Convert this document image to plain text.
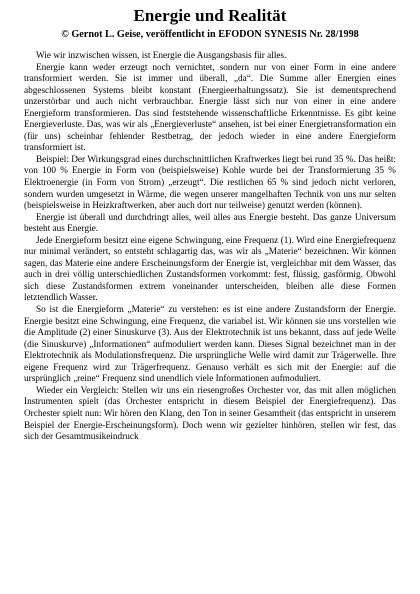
Energie und Realität
© Gernot L. Geise, veröffentlicht in EFODON SYNESIS Nr. 28/1998

Wie wir inzwischen wissen, ist Energie die Ausgangsbasis für alles.

Energie kann weder erzeugt noch vernichtet, sondern nur von einer Form in eine andere transformiert werden. Sie ist immer und überall, „da“. Die Summe aller Energien eines abgeschlossenen Systems bleibt konstant (Energieerhaltungssatz). Sie ist dementsprechend unzerstörbar und auch nicht verbrauchbar. Energie lässt sich nur von einer in eine andere Energieform transformieren. Das sind feststehende wissenschaftliche Erkenntnisse. Es gibt keine Energieverluste. Das, was wir als „Energieverluste“ ansehen, ist bei einer Energietransformation ein (für uns) scheinbar fehlender Restbetrag, der jedoch wieder in eine andere Energieform transformiert ist.

Beispiel: Der Wirkungsgrad eines durchschnittlichen Kraftwerkes liegt bei rund 35 %. Das heißt: von 100 % Energie in Form von (beispielsweise) Kohle wurde bei der Transformierung 35 % Elektroenergie (in Form von Strom) „erzeugt“. Die restlichen 65 % sind jedoch nicht verloren, sondern wurden umgesetzt in Wärme, die wegen unserer mangelhaften Technik von uns nur selten (beispielsweise in Heizkraftwerken, aber auch dort nur teilweise) genutzt werden (können).

Energie ist überall und durchdringt alles, weil alles aus Energie besteht. Das ganze Universum besteht aus Energie.

Jede Energieform besitzt eine eigene Schwingung, eine Frequenz (1). Wird eine Energiefrequenz nur minimal verändert, so entsteht schlagartig das, was wir als „Materie“ bezeichnen. Wir können sagen, das Materie eine andere Erscheinungsform der Energie ist, vergleichbar mit dem Wasser, das auch in drei völlig unterschiedlichen Zustandsformen vorkommt: fest, flüssig, gasförmig. Obwohl sich diese Zustandsformen extrem voneinander unterscheiden, bleiben alle diese Formen letztendlich Wasser.

So ist die Energieform „Materie“ zu verstehen: es ist eine andere Zustandsform der Energie. Energie besitzt eine Schwingung, eine Frequenz, die variabel ist. Wir können sie uns vorstellen wie die Amplitude (2) einer Sinuskurve (3). Aus der Elektrotechnik ist uns bekannt, dass auf jede Welle (die Sinuskurve) „Informationen“ aufmoduliert werden kann. Dieses Signal bezeichnet man in der Elektrotechnik als Modulationsfrequenz. Die ursprüngliche Welle wird damit zur Trägerwelle. Ihre eigene Frequenz wird zur Trägerfrequenz. Genauso verhält es sich mit der Energie: auf die ursprünglich „reine“ Frequenz sind unendlich viele Informationen aufmoduliert.

Wieder ein Vergleich: Stellen wir uns ein riesengroßes Orchester vor, das mit allen möglichen Instrumenten spielt (das Orchester entspricht in diesem Beispiel der Energiefrequenz). Das Orchester spielt nun: Wir hören den Klang, den Ton in seiner Gesamtheit (das entspricht in unserem Beispiel der Energie-Erscheinungsform). Doch wenn wir gezielter hinhören, stellen wir fest, das sich der Gesamtmusikeindruck
